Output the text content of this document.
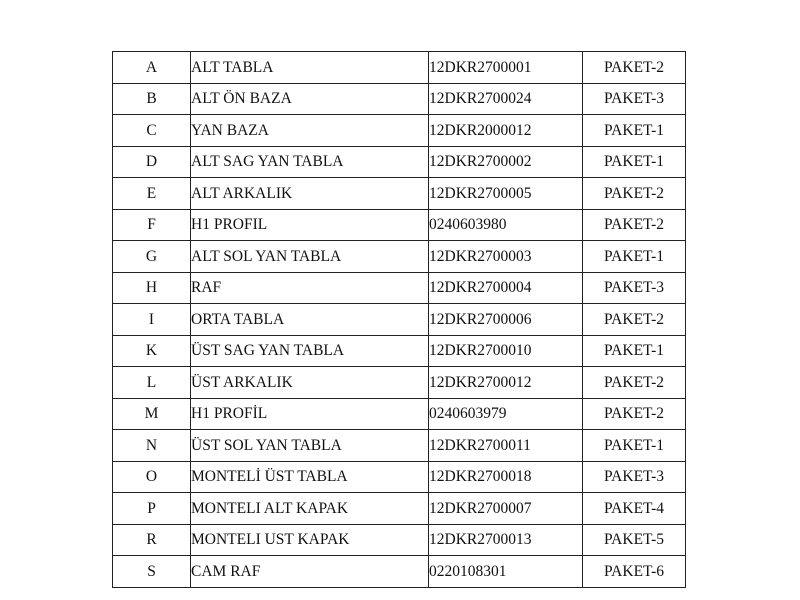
A	ALT TABLA	12DKR2700001	PAKET-2
B	ALT ÖN BAZA	12DKR2700024	PAKET-3
C	YAN BAZA	12DKR2000012	PAKET-1
D	ALT SAG YAN TABLA	12DKR2700002	PAKET-1
E	ALT ARKALIK	12DKR2700005	PAKET-2
F	H1 PROFIL	0240603980	PAKET-2
G	ALT SOL YAN TABLA	12DKR2700003	PAKET-1
H	RAF	12DKR2700004	PAKET-3
I	ORTA TABLA	12DKR2700006	PAKET-2
K	ÜST SAG YAN TABLA	12DKR2700010	PAKET-1
L	ÜST ARKALIK	12DKR2700012	PAKET-2
M	H1 PROFİL	0240603979	PAKET-2
N	ÜST SOL YAN TABLA	12DKR2700011	PAKET-1
O	MONTELİ ÜST TABLA	12DKR2700018	PAKET-3
P	MONTELI ALT KAPAK	12DKR2700007	PAKET-4
R	MONTELI UST KAPAK	12DKR2700013	PAKET-5
S	CAM RAF	0220108301	PAKET-6
